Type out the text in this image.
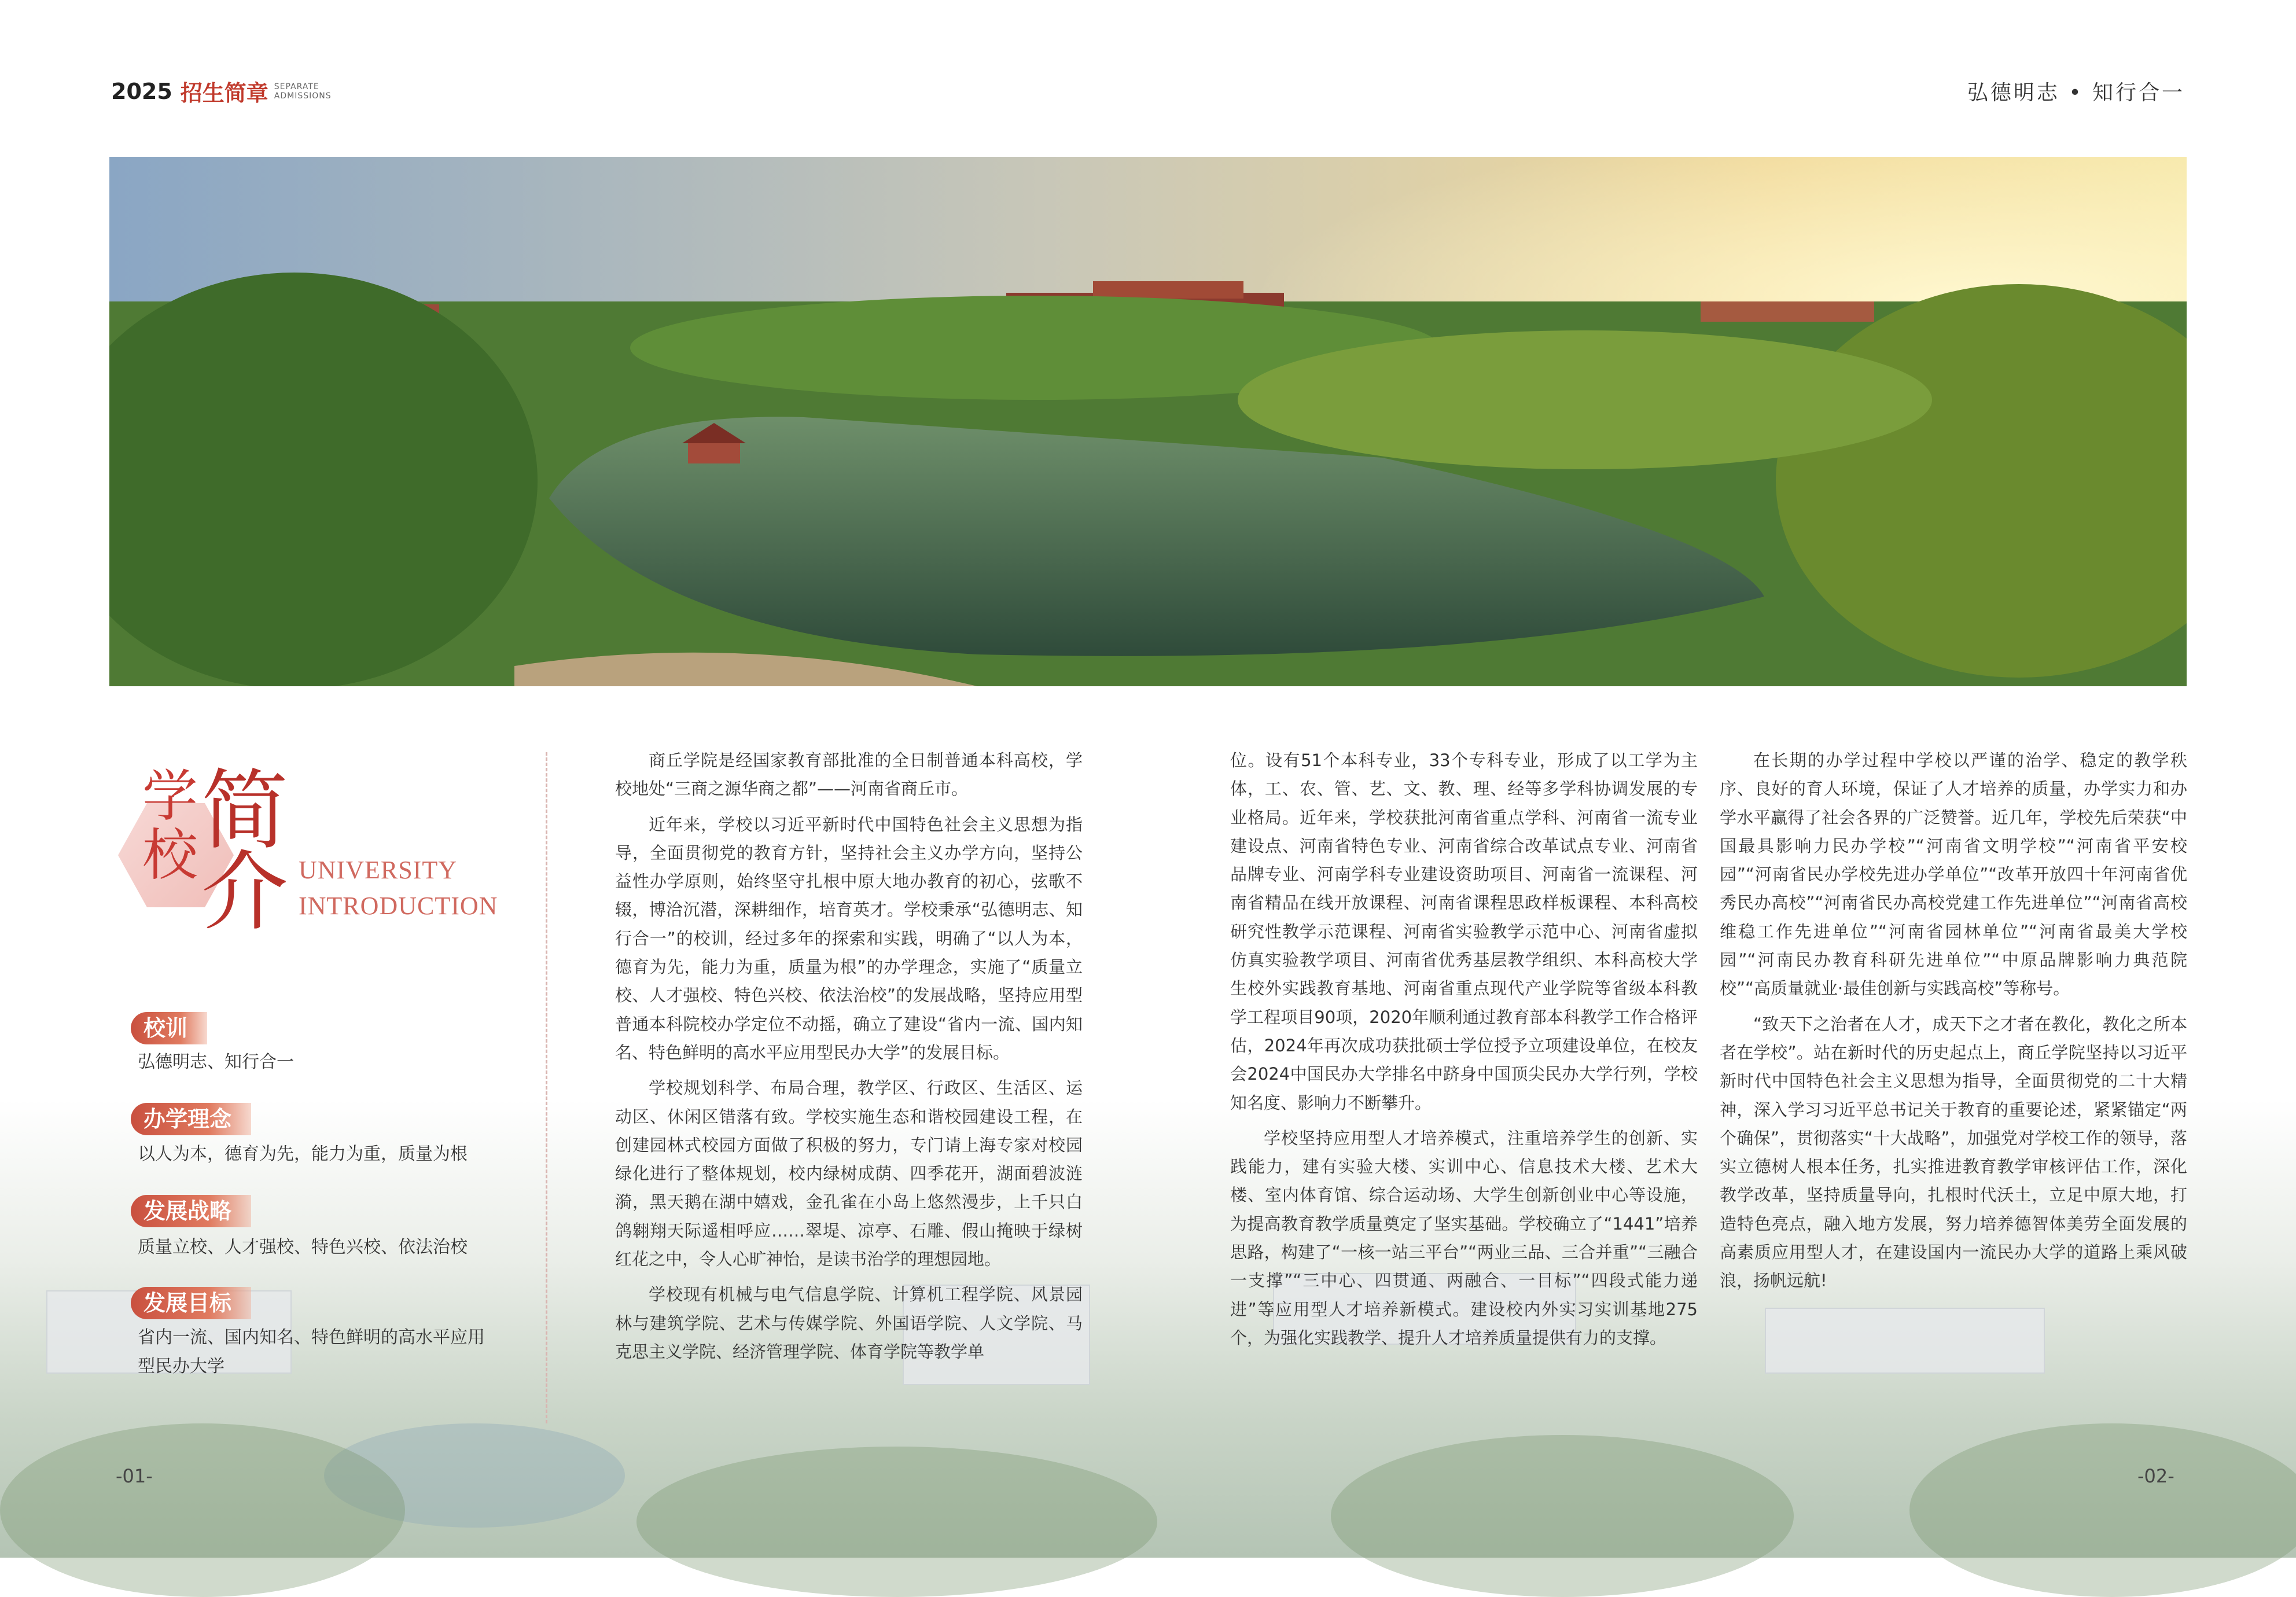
2025 招生简章 SEPARATE
ADMISSIONS	弘德明志 • 知行合一
学
校 简
介 UNIVERSITY
INTRODUCTION
校训
弘德明志、知行合一
办学理念
以人为本，德育为先，能力为重，质量为根
发展战略
质量立校、人才强校、特色兴校、依法治校
发展目标
省内一流、国内知名、特色鲜明的高水平应用型民办大学

商丘学院是经国家教育部批准的全日制普通本科高校，学校地处“三商之源华商之都”——河南省商丘市。

近年来，学校以习近平新时代中国特色社会主义思想为指导，全面贯彻党的教育方针，坚持社会主义办学方向，坚持公益性办学原则，始终坚守扎根中原大地办教育的初心，弦歌不辍，博洽沉潜，深耕细作，培育英才。学校秉承“弘德明志、知行合一”的校训，经过多年的探索和实践，明确了“以人为本，德育为先，能力为重，质量为根”的办学理念，实施了“质量立校、人才强校、特色兴校、依法治校”的发展战略，坚持应用型普通本科院校办学定位不动摇，确立了建设“省内一流、国内知名、特色鲜明的高水平应用型民办大学”的发展目标。

学校规划科学、布局合理，教学区、行政区、生活区、运动区、休闲区错落有致。学校实施生态和谐校园建设工程，在创建园林式校园方面做了积极的努力，专门请上海专家对校园绿化进行了整体规划，校内绿树成荫、四季花开，湖面碧波涟漪，黑天鹅在湖中嬉戏，金孔雀在小岛上悠然漫步，上千只白鸽翱翔天际遥相呼应……翠堤、凉亭、石雕、假山掩映于绿树红花之中，令人心旷神怡，是读书治学的理想园地。

学校现有机械与电气信息学院、计算机工程学院、风景园林与建筑学院、艺术与传媒学院、外国语学院、人文学院、马克思主义学院、经济管理学院、体育学院等教学单

位。设有51个本科专业，33个专科专业，形成了以工学为主体，工、农、管、艺、文、教、理、经等多学科协调发展的专业格局。近年来，学校获批河南省重点学科、河南省一流专业建设点、河南省特色专业、河南省综合改革试点专业、河南省品牌专业、河南学科专业建设资助项目、河南省一流课程、河南省精品在线开放课程、河南省课程思政样板课程、本科高校研究性教学示范课程、河南省实验教学示范中心、河南省虚拟仿真实验教学项目、河南省优秀基层教学组织、本科高校大学生校外实践教育基地、河南省重点现代产业学院等省级本科教学工程项目90项，2020年顺利通过教育部本科教学工作合格评估，2024年再次成功获批硕士学位授予立项建设单位，在校友会2024中国民办大学排名中跻身中国顶尖民办大学行列，学校知名度、影响力不断攀升。

学校坚持应用型人才培养模式，注重培养学生的创新、实践能力，建有实验大楼、实训中心、信息技术大楼、艺术大楼、室内体育馆、综合运动场、大学生创新创业中心等设施，为提高教育教学质量奠定了坚实基础。学校确立了“1441”培养思路，构建了“一核一站三平台”“两业三品、三合并重”“三融合一支撑”“三中心、四贯通、两融合、一目标”“四段式能力递进”等应用型人才培养新模式。建设校内外实习实训基地275个，为强化实践教学、提升人才培养质量提供有力的支撑。

在长期的办学过程中学校以严谨的治学、稳定的教学秩序、良好的育人环境，保证了人才培养的质量，办学实力和办学水平赢得了社会各界的广泛赞誉。近几年，学校先后荣获“中国最具影响力民办学校”“河南省文明学校”“河南省平安校园”“河南省民办学校先进办学单位”“改革开放四十年河南省优秀民办高校”“河南省民办高校党建工作先进单位”“河南省高校维稳工作先进单位”“河南省园林单位”“河南省最美大学校园”“河南民办教育科研先进单位”“中原品牌影响力典范院校”“高质量就业·最佳创新与实践高校”等称号。

“致天下之治者在人才，成天下之才者在教化，教化之所本者在学校”。站在新时代的历史起点上，商丘学院坚持以习近平新时代中国特色社会主义思想为指导，全面贯彻党的二十大精神，深入学习习近平总书记关于教育的重要论述，紧紧锚定“两个确保”，贯彻落实“十大战略”，加强党对学校工作的领导，落实立德树人根本任务，扎实推进教育教学审核评估工作，深化教学改革，坚持质量导向，扎根时代沃土，立足中原大地，打造特色亮点，融入地方发展，努力培养德智体美劳全面发展的高素质应用型人才，在建设国内一流民办大学的道路上乘风破浪，扬帆远航!

-01-	-02-
